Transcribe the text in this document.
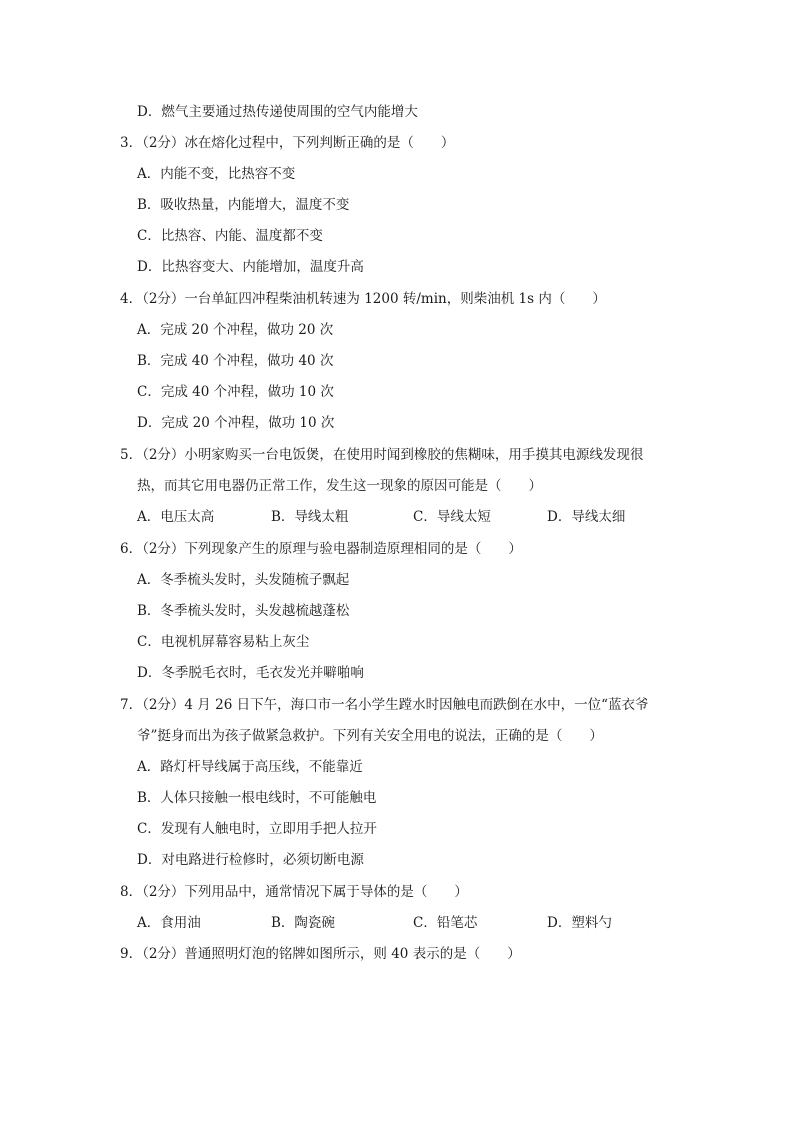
D．燃气主要通过热传递使周围的空气内能增大
3．（2分）冰在熔化过程中，下列判断正确的是（　　）
A．内能不变，比热容不变
B．吸收热量，内能增大，温度不变
C．比热容、内能、温度都不变
D．比热容变大、内能增加，温度升高
4．（2分）一台单缸四冲程柴油机转速为 1200 转/min，则柴油机 1s 内（　　）
A．完成 20 个冲程，做功 20 次
B．完成 40 个冲程，做功 40 次
C．完成 40 个冲程，做功 10 次
D．完成 20 个冲程，做功 10 次
5．（2分）小明家购买一台电饭煲，在使用时闻到橡胶的焦糊味，用手摸其电源线发现很
热，而其它用电器仍正常工作，发生这一现象的原因可能是（　　）
A．电压太高	B．导线太粗	C．导线太短	D．导线太细
6．（2分）下列现象产生的原理与验电器制造原理相同的是（　　）
A．冬季梳头发时，头发随梳子飘起
B．冬季梳头发时，头发越梳越蓬松
C．电视机屏幕容易粘上灰尘
D．冬季脱毛衣时，毛衣发光并噼啪响
7．（2分）4 月 26 日下午，海口市一名小学生蹚水时因触电而跌倒在水中，一位“蓝衣爷
爷”挺身而出为孩子做紧急救护。下列有关安全用电的说法，正确的是（　　）
A．路灯杆导线属于高压线，不能靠近
B．人体只接触一根电线时，不可能触电
C．发现有人触电时，立即用手把人拉开
D．对电路进行检修时，必须切断电源
8．（2分）下列用品中，通常情况下属于导体的是（　　）
A．食用油	B．陶瓷碗	C．铅笔芯	D．塑料勺
9．（2分）普通照明灯泡的铭牌如图所示，则 40 表示的是（　　）
